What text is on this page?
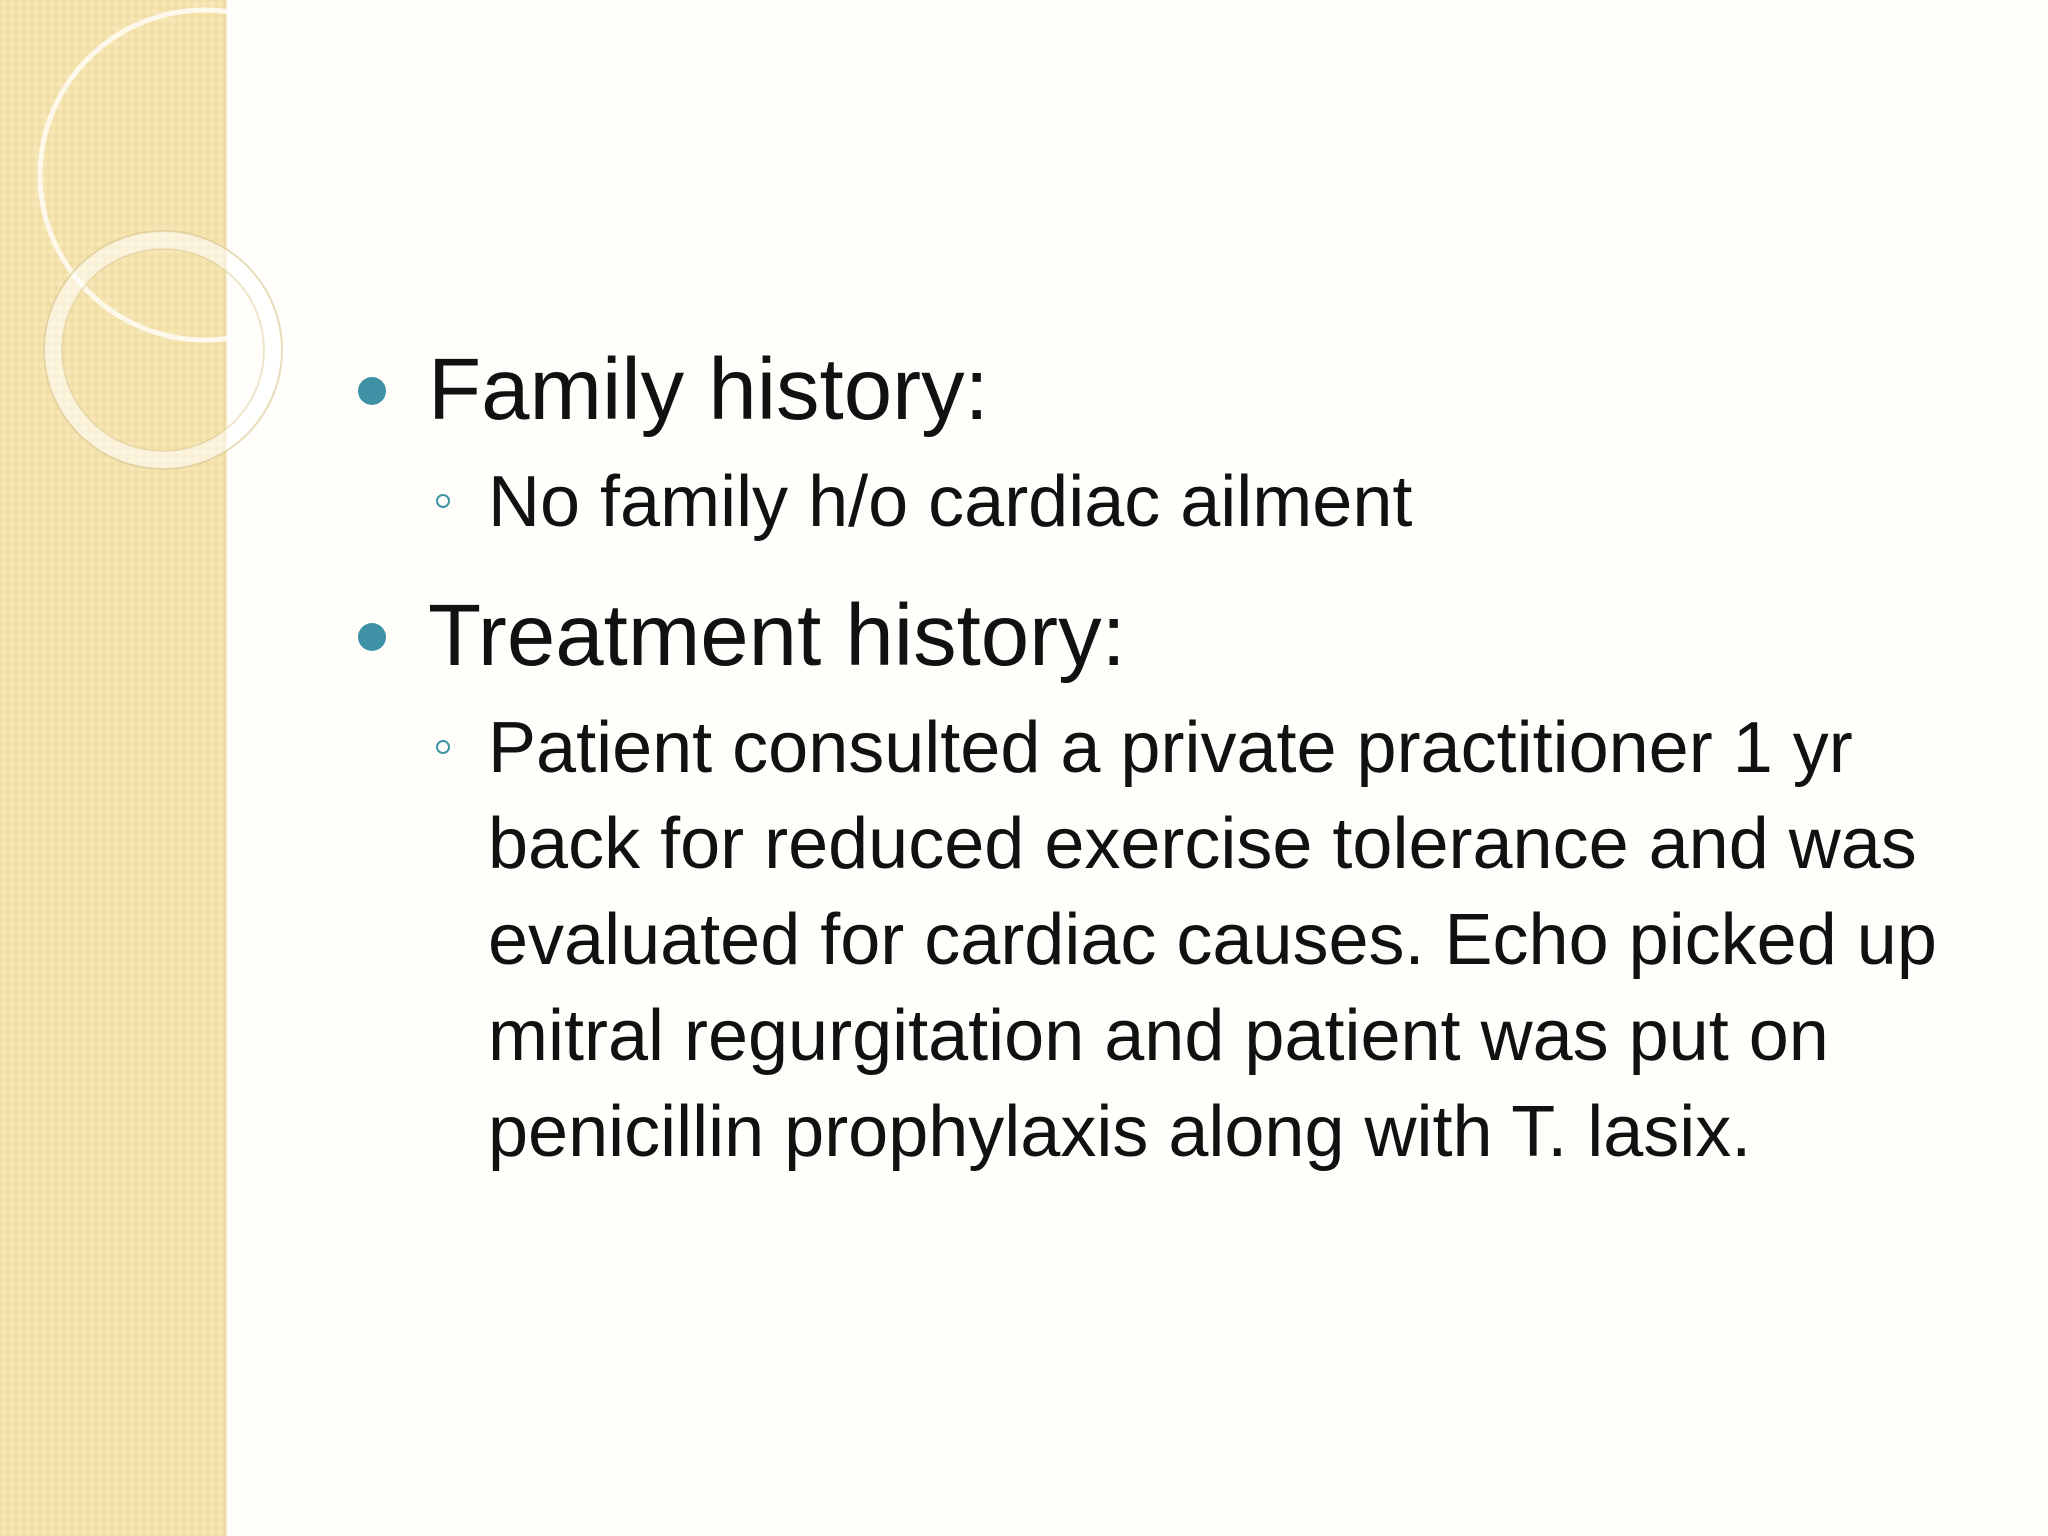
Family history:
No family h/o cardiac ailment
Treatment history:
Patient consulted a private practitioner 1 yr back for reduced exercise tolerance and was evaluated for cardiac causes. Echo picked up mitral regurgitation and patient was put on penicillin prophylaxis along with T. lasix.
